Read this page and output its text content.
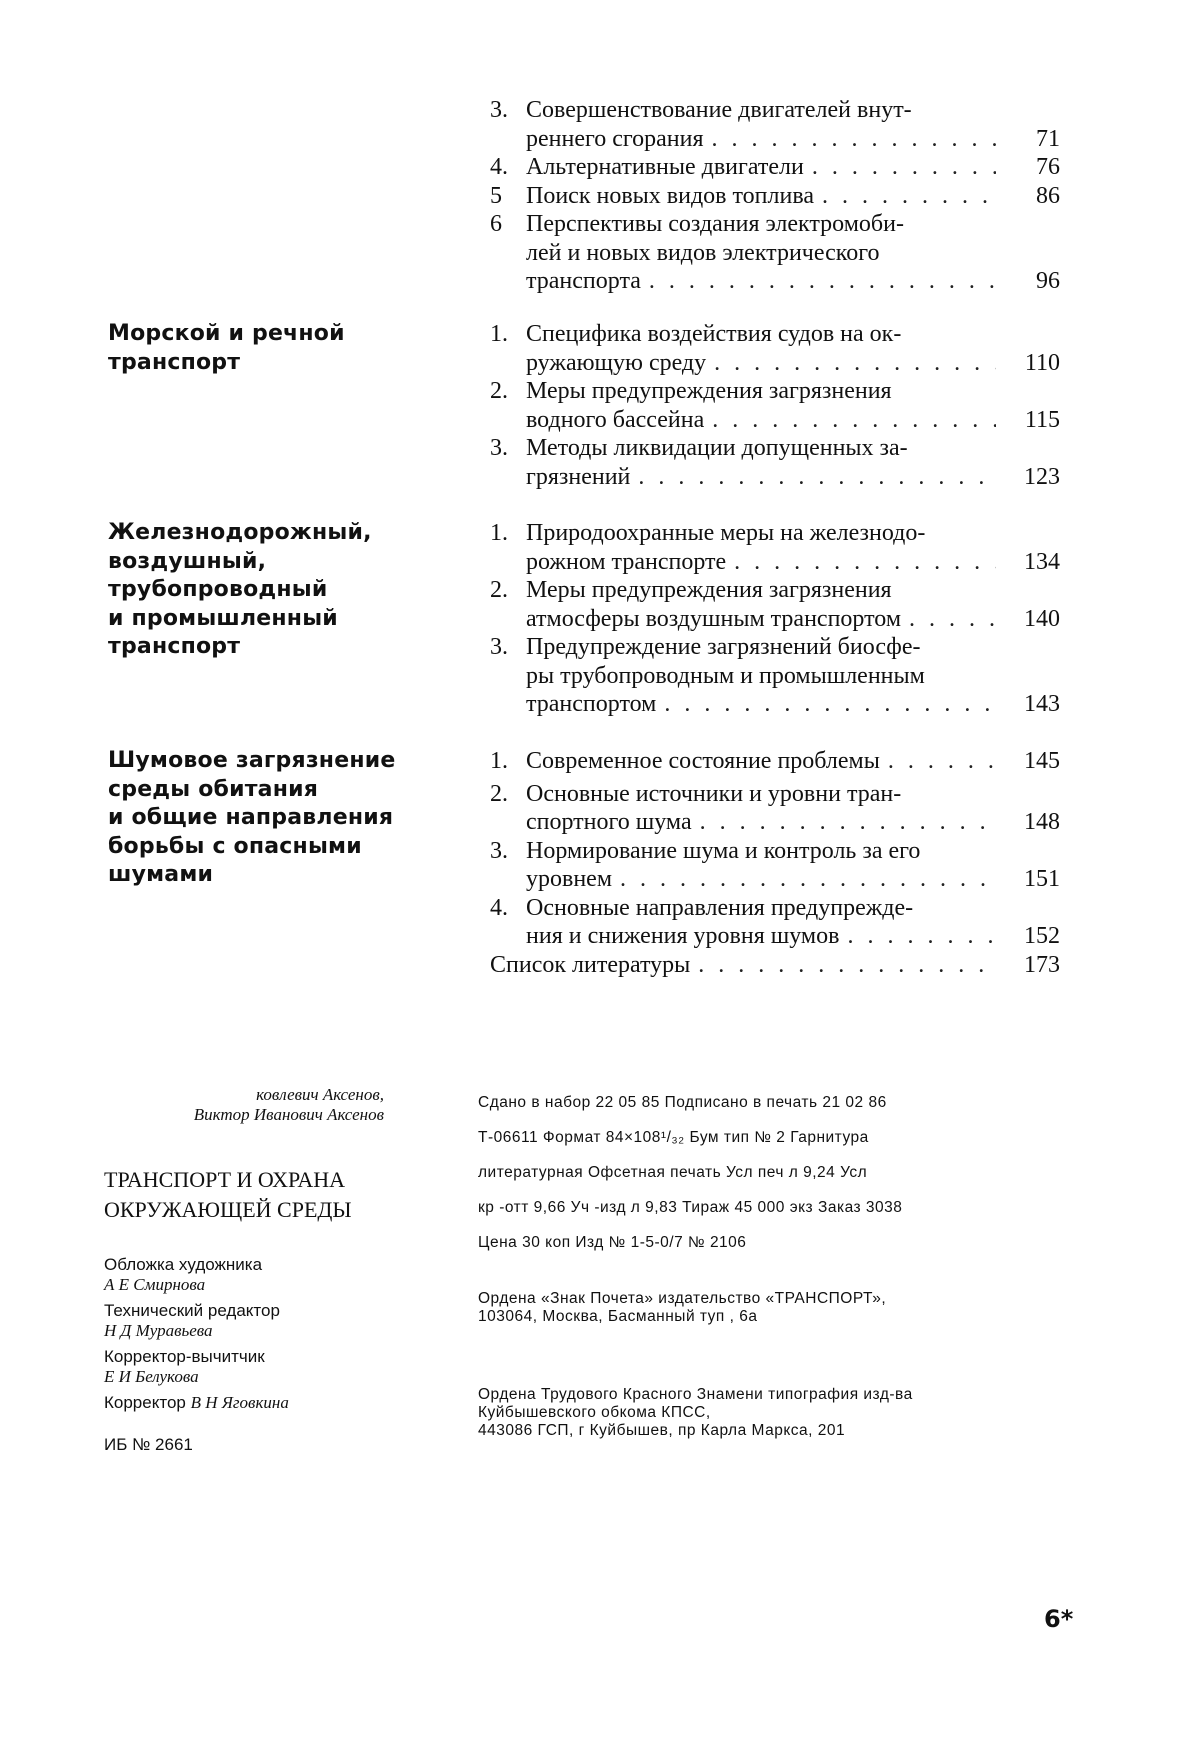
3. Совершенствование двигателей внут-
реннего сгорания ..............	71
4. Альтернативные двигатели .........	76
5	Поиск новых видов топлива ........	86
6	Перспективы создания электромоби-
лей и новых видов электрического
транспорта .................	96
Морской и речной
транспорт
1. Специфика воздействия судов на ок-
ружающую среду ..............	110
2. Меры предупреждения загрязнения
водного бассейна ..............	115
3. Методы ликвидации допущенных за-
грязнений .................	123
Железнодорожный,
воздушный,
трубопроводный
и промышленный
транспорт
1. Природоохранные меры на железнодо-
рожном транспорте .............	134
2. Меры предупреждения загрязнения
атмосферы воздушным транспортом ....	140
3. Предупреждение загрязнений биосфе-
ры трубопроводным и промышленным
транспортом ................	143
Шумовое загрязнение
среды обитания
и общие направления
борьбы с опасными
шумами
1. Современное состояние проблемы ...... 145
2. Основные источники и уровни тран-
спортного шума ..............	148
3. Нормирование шума и контроль за его
уровнем ................... 151
4. Основные направления предупрежде-
ния и снижения уровня шумов .......	152
Список литературы ..............	173
ковлевич Аксенов,
Виктор Иванович Аксенов
ТРАНСПОРТ И ОХРАНА
ОКРУЖАЮЩЕЙ СРЕДЫ
Обложка художника
А Е Смирнова
Технический редактор
Н Д Муравьева
Корректор-вычитчик
Е И Белукова
Корректор В Н Яговкина
ИБ № 2661
Сдано в набор 22 05 85 Подписано в печать 21 02 86
Т-06611 Формат 84×108¹/₃₂ Бум тип № 2 Гарнитура
литературная Офсетная печать Усл печ л 9,24 Усл
кр -отт 9,66 Уч -изд л 9,83 Тираж 45 000 экз Заказ 3038
Цена 30 коп Изд № 1-5-0/7 № 2106
Ордена «Знак Почета» издательство «ТРАНСПОРТ»,
103064, Москва, Басманный туп , 6а
Ордена Трудового Красного Знамени типография изд-ва
Куйбышевского обкома КПСС,
443086 ГСП, г Куйбышев, пр Карла Маркса, 201
6*
